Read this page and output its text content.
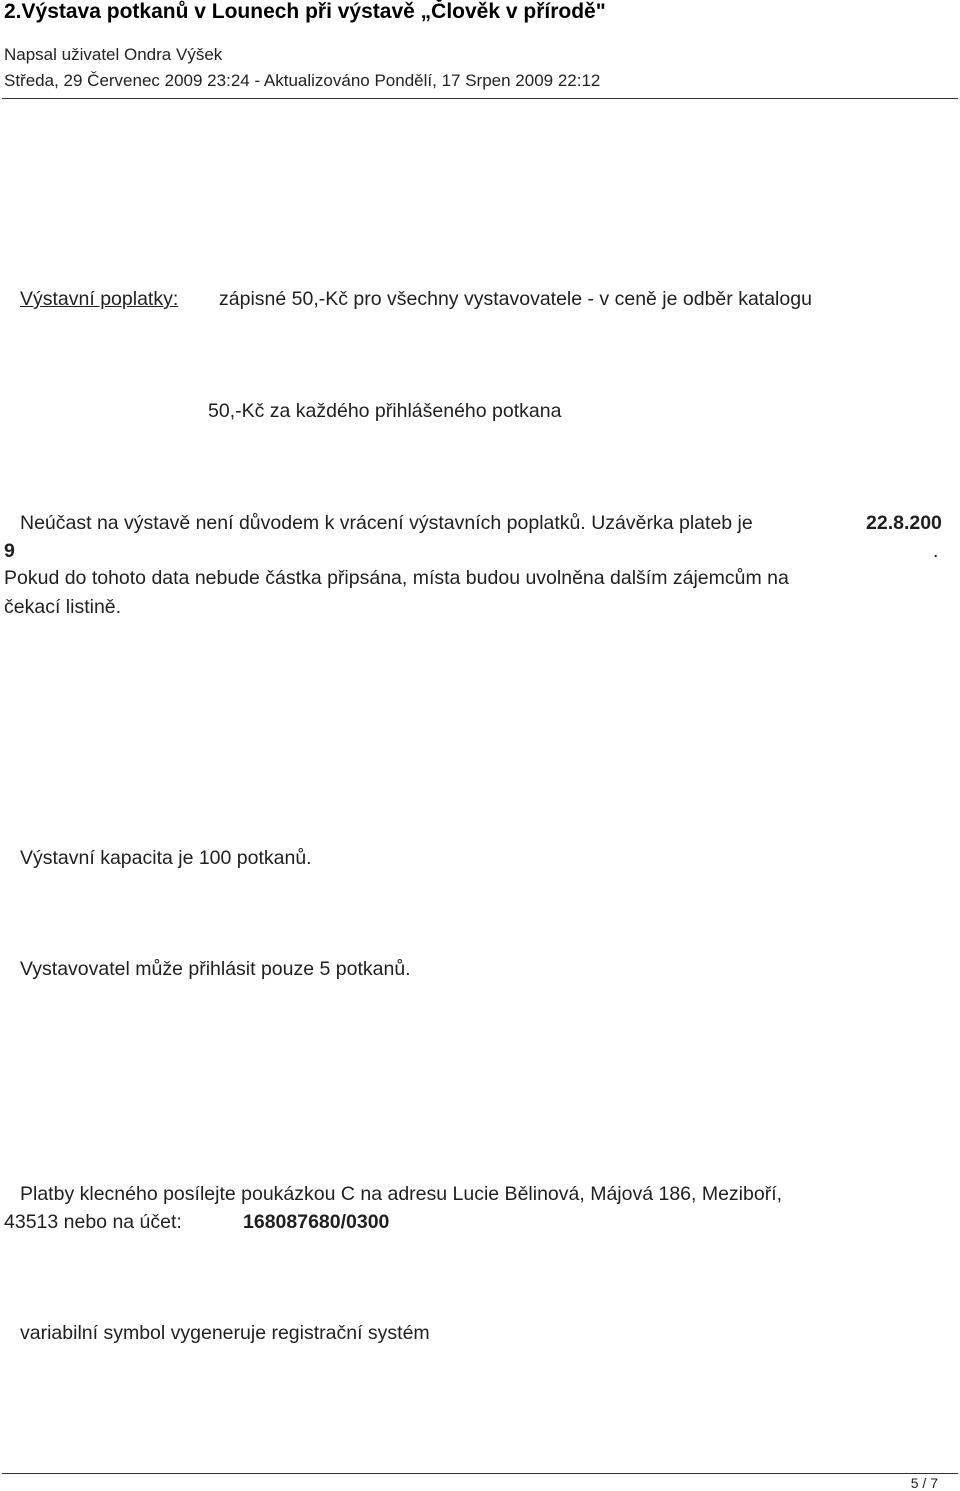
2.Výstava potkanů v Lounech při výstavě „Člověk v přírodě"
Napsal uživatel Ondra Výšek
Středa, 29 Červenec 2009 23:24 - Aktualizováno Pondělí, 17 Srpen 2009 22:12
Výstavní poplatky: zápisné 50,-Kč pro všechny vystavovatele - v ceně je odběr katalogu
50,-Kč za každého přihlášeného potkana
Neúčast na výstavě není důvodem k vrácení výstavních poplatků. Uzávěrka plateb je	22.8.200
9	.
Pokud do tohoto data nebude částka připsána, místa budou uvolněna dalším zájemcům na
čekací listině.
Výstavní kapacita je 100 potkanů.
Vystavovatel může přihlásit pouze 5 potkanů.
Platby klecného posílejte poukázkou C na adresu Lucie Bělinová, Májová 186, Meziboří,
43513 nebo na účet:	168087680/0300
variabilní symbol vygeneruje registrační systém
5 / 7
